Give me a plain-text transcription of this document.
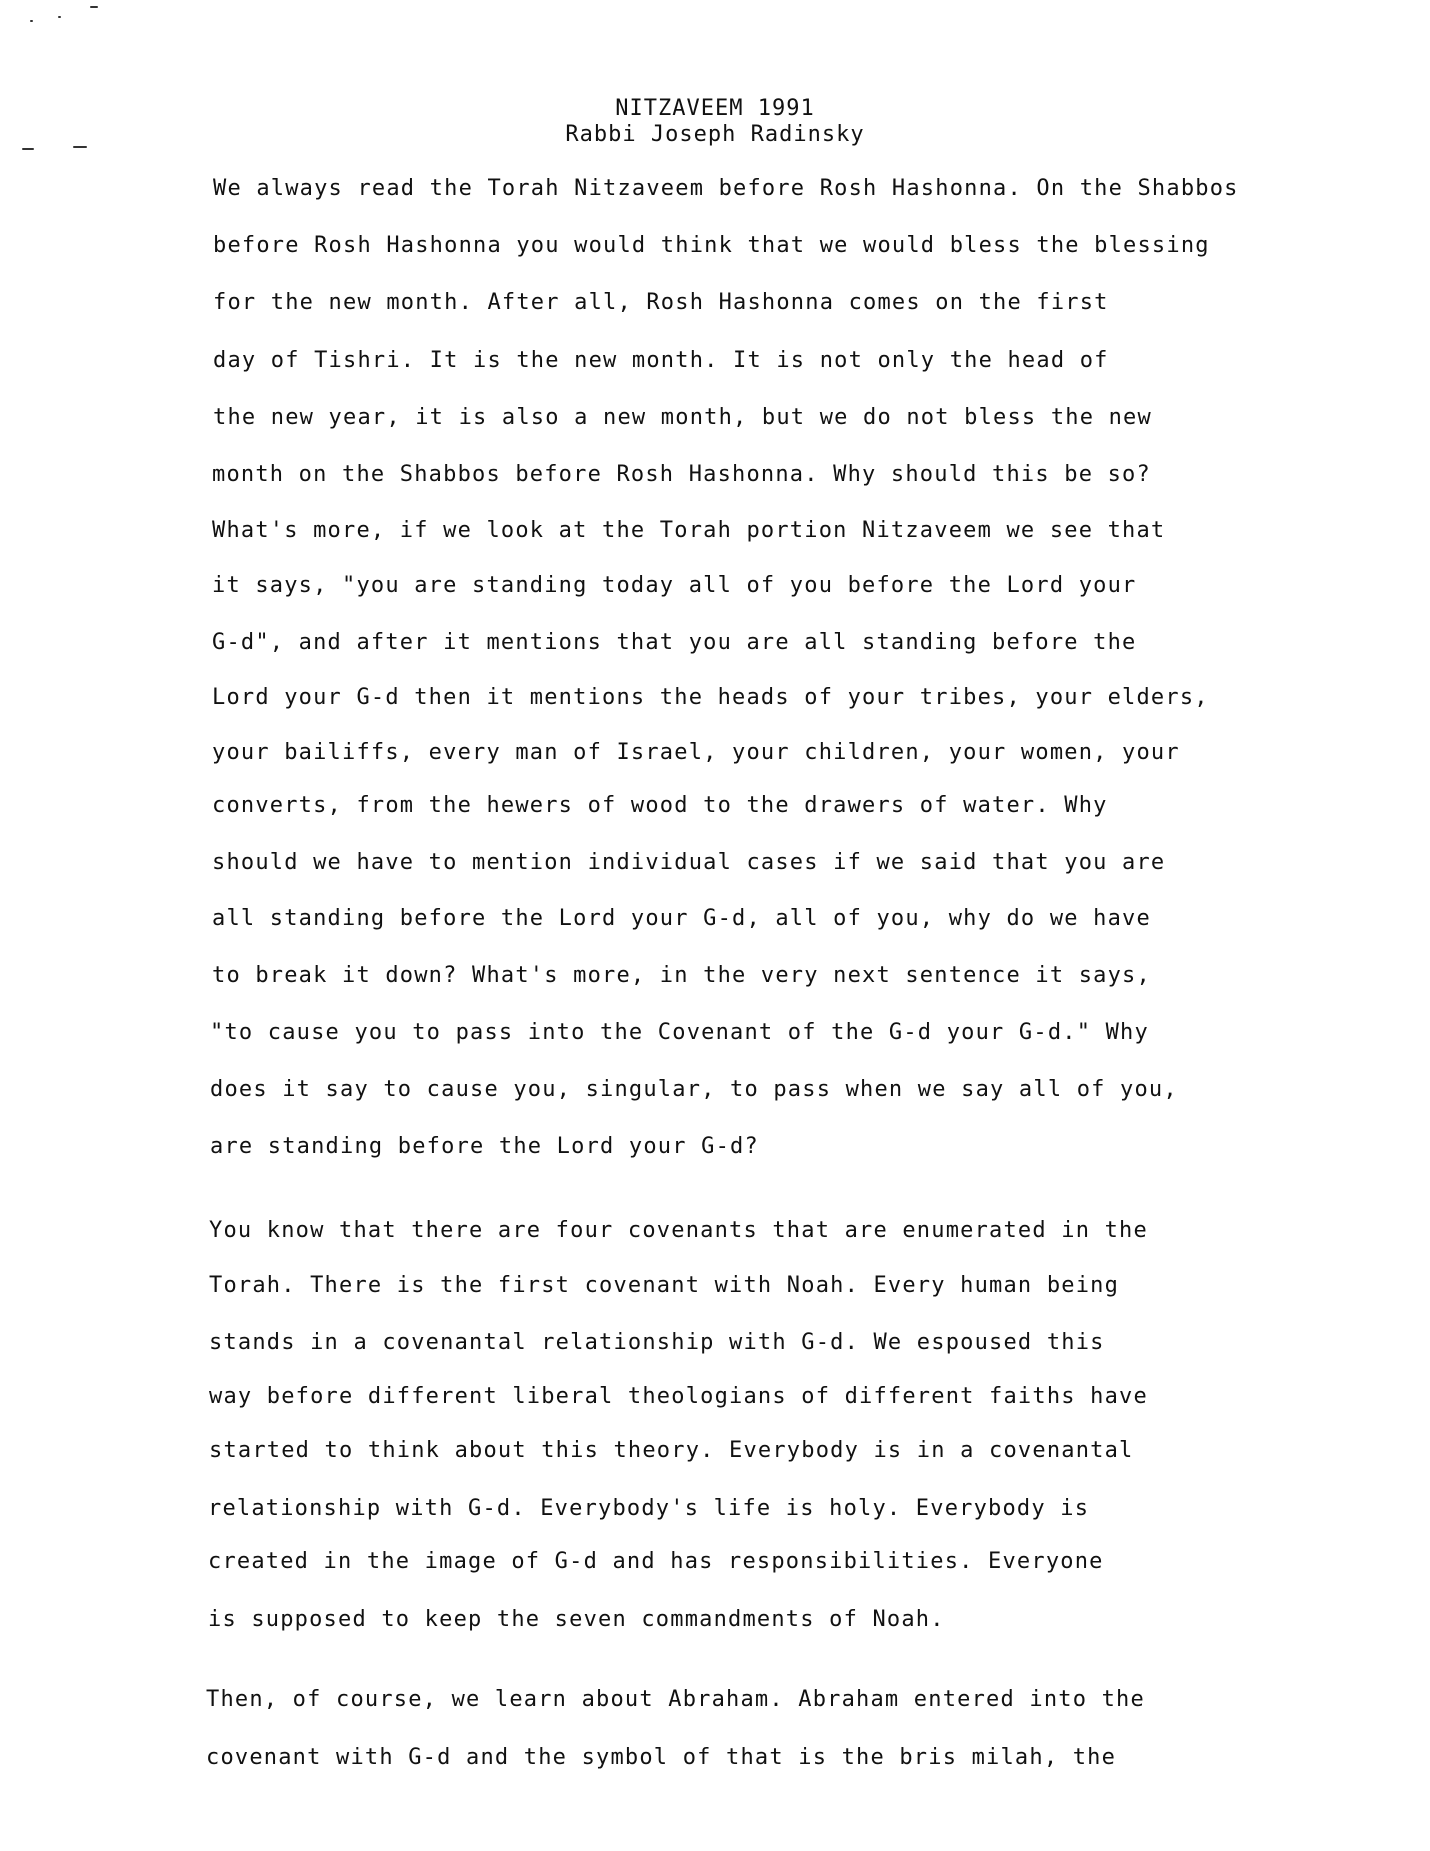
NITZAVEEM 1991
Rabbi Joseph Radinsky
We always read the Torah Nitzaveem before Rosh Hashonna. On the Shabbos
before Rosh Hashonna you would think that we would bless the blessing
for the new month. After all, Rosh Hashonna comes on the first
day of Tishri. It is the new month. It is not only the head of
the new year, it is also a new month, but we do not bless the new
month on the Shabbos before Rosh Hashonna. Why should this be so?
What's more, if we look at the Torah portion Nitzaveem we see that
it says, "you are standing today all of you before the Lord your
G-d", and after it mentions that you are all standing before the
Lord your G-d then it mentions the heads of your tribes, your elders,
your bailiffs, every man of Israel, your children, your women, your
converts, from the hewers of wood to the drawers of water. Why
should we have to mention individual cases if we said that you are
all standing before the Lord your G-d, all of you, why do we have
to break it down? What's more, in the very next sentence it says,
"to cause you to pass into the Covenant of the G-d your G-d." Why
does it say to cause you, singular, to pass when we say all of you,
are standing before the Lord your G-d?
You know that there are four covenants that are enumerated in the
Torah. There is the first covenant with Noah. Every human being
stands in a covenantal relationship with G-d. We espoused this
way before different liberal theologians of different faiths have
started to think about this theory. Everybody is in a covenantal
relationship with G-d. Everybody's life is holy. Everybody is
created in the image of G-d and has responsibilities. Everyone
is supposed to keep the seven commandments of Noah.
Then, of course, we learn about Abraham. Abraham entered into the
covenant with G-d and the symbol of that is the bris milah, the
